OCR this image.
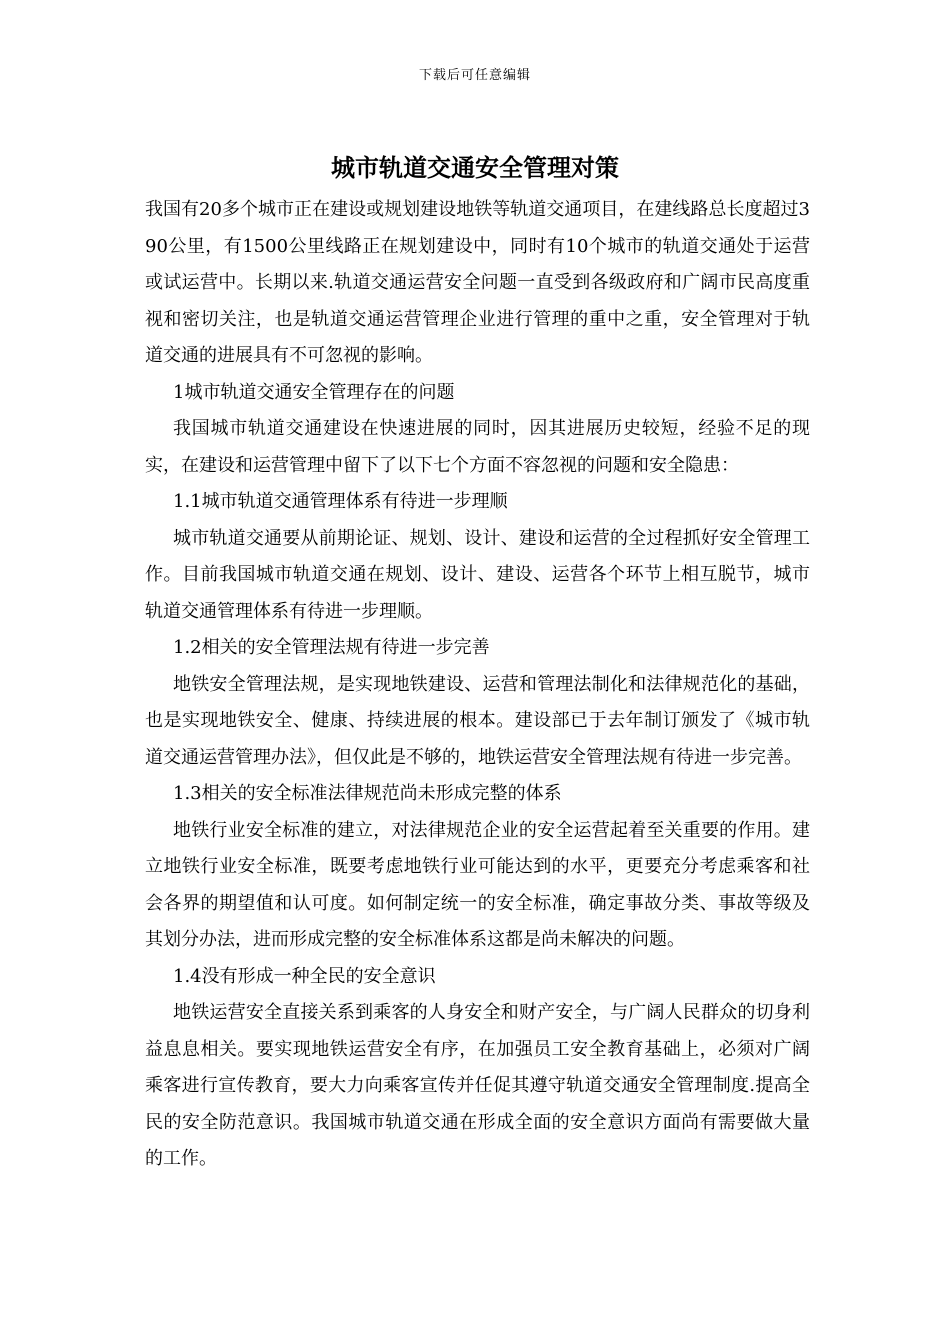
下载后可任意编辑
城市轨道交通安全管理对策

我国有20多个城市正在建设或规划建设地铁等轨道交通项目，在建线路总长度超过390公里，有1500公里线路正在规划建设中，同时有10个城市的轨道交通处于运营或试运营中。长期以来.轨道交通运营安全问题一直受到各级政府和广阔市民高度重视和密切关注，也是轨道交通运营管理企业进行管理的重中之重，安全管理对于轨道交通的进展具有不可忽视的影响。

1城市轨道交通安全管理存在的问题

我国城市轨道交通建设在快速进展的同时，因其进展历史较短，经验不足的现实，在建设和运营管理中留下了以下七个方面不容忽视的问题和安全隐患：

1.1城市轨道交通管理体系有待进一步理顺

城市轨道交通要从前期论证、规划、设计、建设和运营的全过程抓好安全管理工作。目前我国城市轨道交通在规划、设计、建设、运营各个环节上相互脱节，城市轨道交通管理体系有待进一步理顺。

1.2相关的安全管理法规有待进一步完善

地铁安全管理法规，是实现地铁建设、运营和管理法制化和法律规范化的基础，也是实现地铁安全、健康、持续进展的根本。建设部已于去年制订颁发了《城市轨道交通运营管理办法》，但仅此是不够的，地铁运营安全管理法规有待进一步完善。

1.3相关的安全标准法律规范尚未形成完整的体系

地铁行业安全标准的建立，对法律规范企业的安全运营起着至关重要的作用。建立地铁行业安全标准，既要考虑地铁行业可能达到的水平，更要充分考虑乘客和社会各界的期望值和认可度。如何制定统一的安全标准，确定事故分类、事故等级及其划分办法，进而形成完整的安全标准体系这都是尚未解决的问题。

1.4没有形成一种全民的安全意识

地铁运营安全直接关系到乘客的人身安全和财产安全，与广阔人民群众的切身利益息息相关。要实现地铁运营安全有序，在加强员工安全教育基础上，必须对广阔乘客进行宣传教育，要大力向乘客宣传并任促其遵守轨道交通安全管理制度.提高全民的安全防范意识。我国城市轨道交通在形成全面的安全意识方面尚有需要做大量的工作。
